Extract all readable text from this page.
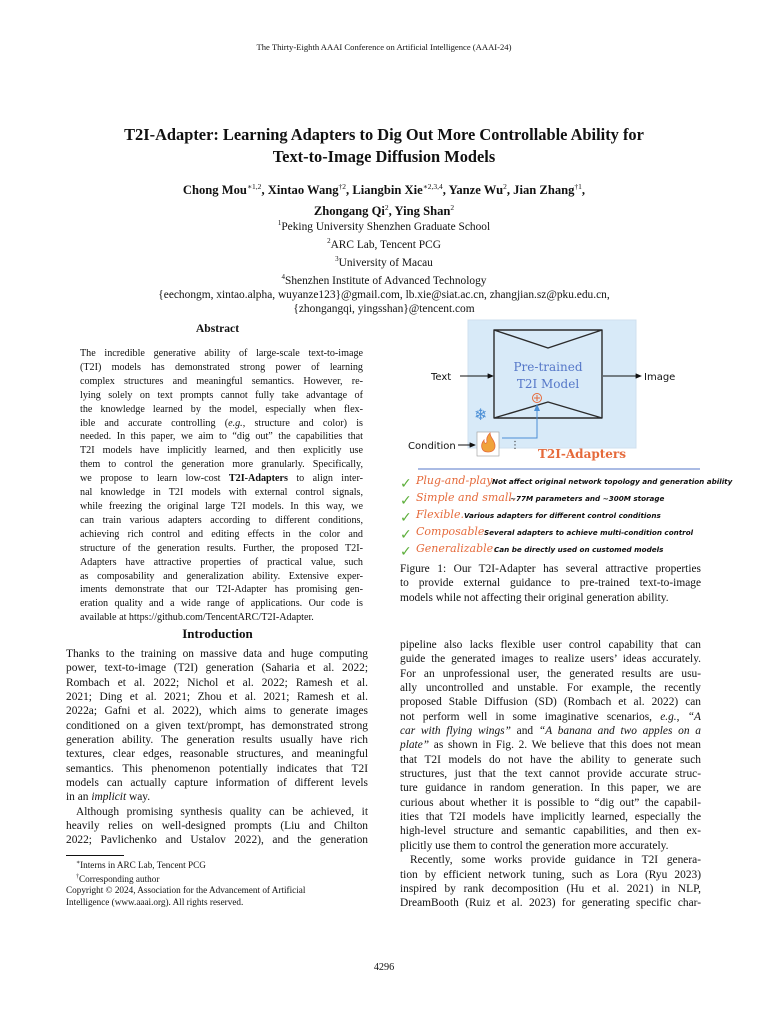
The Thirty-Eighth AAAI Conference on Artificial Intelligence (AAAI-24)
T2I-Adapter: Learning Adapters to Dig Out More Controllable Ability for
Text-to-Image Diffusion Models
Chong Mou$^{∗1,2}$, Xintao Wang$^{\dagger 2}$, Liangbin Xie$^{∗2,3,4}$, Yanze Wu$^2$, Jian Zhang$^{\dagger 1}$,
Zhongang Qi$^2$, Ying Shan$^2$
$^1$Peking University Shenzhen Graduate School
$^2$ARC Lab, Tencent PCG
$^3$University of Macau
$^4$Shenzhen Institute of Advanced Technology
{eechongm, xintao.alpha, wuyanze123}@gmail.com, lb.xie@siat.ac.cn, zhangjian.sz@pku.edu.cn,
{zhongangqi, yingsshan}@tencent.com
Abstract
The incredible generative ability of large-scale text-to-image
(T2I) models has demonstrated strong power of learning
complex structures and meaningful semantics. However, re-
lying solely on text prompts cannot fully take advantage of
the knowledge learned by the model, especially when flex-
ible and accurate controlling (e.g., structure and color) is
needed. In this paper, we aim to “dig out” the capabilities that
T2I models have implicitly learned, and then explicitly use
them to control the generation more granularly. Specifically,
we propose to learn low-cost T2I-Adapters to align inter-
nal knowledge in T2I models with external control signals,
while freezing the original large T2I models. In this way, we
can train various adapters according to different conditions,
achieving rich control and editing effects in the color and
structure of the generation results. Further, the proposed T2I-
Adapters have attractive properties of practical value, such
as composability and generalization ability. Extensive exper-
iments demonstrate that our T2I-Adapter has promising gen-
eration quality and a wide range of applications. Our code is
available at https://github.com/TencentARC/T2I-Adapter.
Introduction
Thanks to the training on massive data and huge computing
power, text-to-image (T2I) generation (Saharia et al. 2022;
Rombach et al. 2022; Nichol et al. 2022; Ramesh et al.
2021; Ding et al. 2021; Zhou et al. 2021; Ramesh et al.
2022a; Gafni et al. 2022), which aims to generate images
conditioned on a given text/prompt, has demonstrated strong
generation ability. The generation results usually have rich
textures, clear edges, reasonable structures, and meaningful
semantics. This phenomenon potentially indicates that T2I
models can actually capture information of different levels
in an implicit way.
Although promising synthesis quality can be achieved, it
heavily relies on well-designed prompts (Liu and Chilton
2022; Pavlichenko and Ustalov 2022), and the generation
∗Interns in ARC Lab, Tencent PCG
†Corresponding author
Copyright © 2024, Association for the Advancement of Artificial
Intelligence (www.aaai.org). All rights reserved.
Pre-trained
T2I Model
Text	Image
❄
Condition	⋮
T2I-Adapters
✓ Plug-and-play.
Not affect original network topology and generation ability
✓ Simple and small.
~77M parameters and ~300M storage
✓ Flexible. Various adapters for different control conditions
✓ Composable.
Several adapters to achieve multi-condition control
✓ Generalizable.
Can be directly used on customed models
Figure 1: Our T2I-Adapter has several attractive properties
to provide external guidance to pre-trained text-to-image
models while not affecting their original generation ability.
pipeline also lacks flexible user control capability that can
guide the generated images to realize users’ ideas accurately.
For an unprofessional user, the generated results are usu-
ally uncontrolled and unstable. For example, the recently
proposed Stable Diffusion (SD) (Rombach et al. 2022) can
not perform well in some imaginative scenarios, e.g., “A
car with flying wings” and “A banana and two apples on a
plate” as shown in Fig. 2. We believe that this does not mean
that T2I models do not have the ability to generate such
structures, just that the text cannot provide accurate struc-
ture guidance in random generation. In this paper, we are
curious about whether it is possible to “dig out” the capabil-
ities that T2I models have implicitly learned, especially the
high-level structure and semantic capabilities, and then ex-
plicitly use them to control the generation more accurately.
Recently, some works provide guidance in T2I genera-
tion by efficient network tuning, such as Lora (Ryu 2023)
inspired by rank decomposition (Hu et al. 2021) in NLP,
DreamBooth (Ruiz et al. 2023) for generating specific char-
4296
